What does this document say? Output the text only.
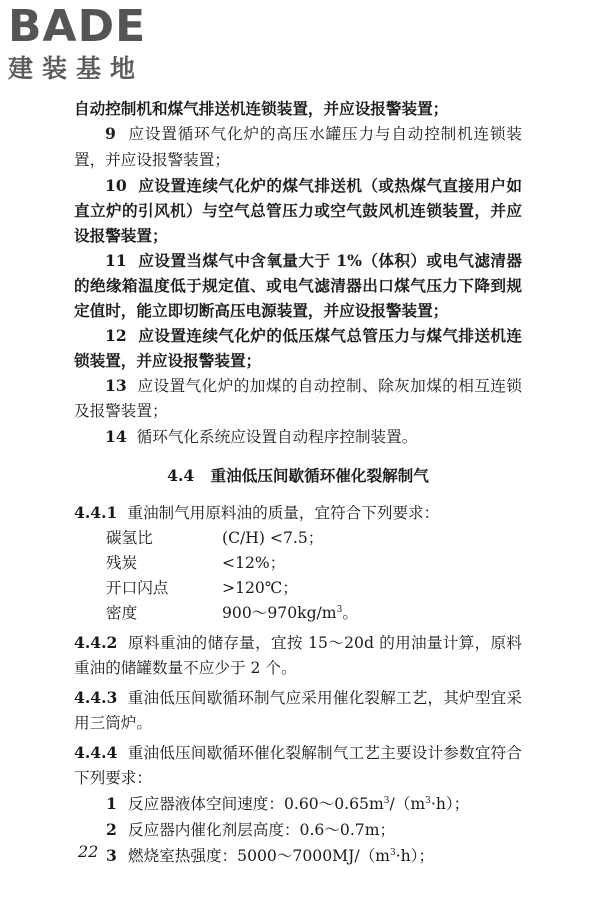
BADE
建装基地
自动控制机和煤气排送机连锁装置，并应设报警装置；
9 应设置循环气化炉的高压水罐压力与自动控制机连锁装置，并应设报警装置；
10 应设置连续气化炉的煤气排送机（或热煤气直接用户如直立炉的引风机）与空气总管压力或空气鼓风机连锁装置，并应设报警装置；
11 应设置当煤气中含氧量大于 1%（体积）或电气滤清器的绝缘箱温度低于规定值、或电气滤清器出口煤气压力下降到规定值时，能立即切断高压电源装置，并应设报警装置；
12 应设置连续气化炉的低压煤气总管压力与煤气排送机连锁装置，并应设报警装置；
13 应设置气化炉的加煤的自动控制、除灰加煤的相互连锁及报警装置；
14 循环气化系统应设置自动程序控制装置。
4.4 重油低压间歇循环催化裂解制气
4.4.1 重油制气用原料油的质量，宜符合下列要求：
碳氢比	(C/H) <7.5；
残炭	<12%；
开口闪点	>120℃；
密度	$900\sim 970kg/m^3$。
4.4.2 原料重油的储存量，宜按 15～20d 的用油量计算，原料重油的储罐数量不应少于 2 个。
4.4.3 重油低压间歇循环制气应采用催化裂解工艺，其炉型宜采用三筒炉。
4.4.4 重油低压间歇循环催化裂解制气工艺主要设计参数宜符合下列要求：
1 反应器液体空间速度：$0.60\sim 0.65m^3/(m^3\cdot h)$；
2 反应器内催化剂层高度：0.6～0.7m；
3 燃烧室热强度：$5000\sim 7000MJ/(m^3\cdot h)$；
22
